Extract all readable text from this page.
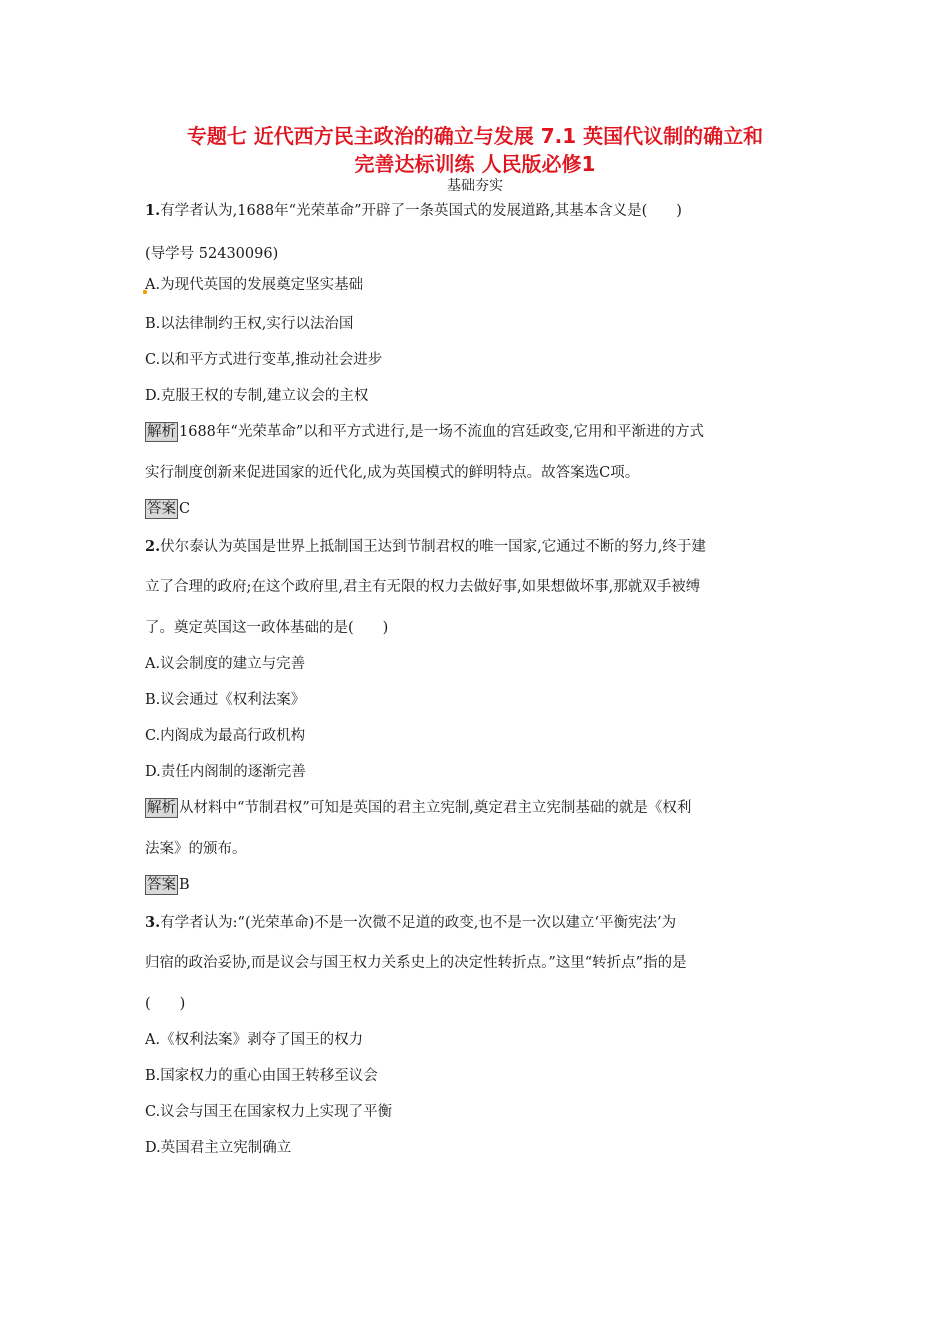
专题七 近代西方民主政治的确立与发展 7.1 英国代议制的确立和
完善达标训练 人民版必修1
基础夯实
1.有学者认为,1688年“光荣革命”开辟了一条英国式的发展道路,其基本含义是(　　)
(导学号 52430096)
A.为现代英国的发展奠定坚实基础
B.以法律制约王权,实行以法治国
C.以和平方式进行变革,推动社会进步
D.克服王权的专制,建立议会的主权
解析 1688年“光荣革命”以和平方式进行,是一场不流血的宫廷政变,它用和平渐进的方式
实行制度创新来促进国家的近代化,成为英国模式的鲜明特点。故答案选C项。
答案 C
2.伏尔泰认为英国是世界上抵制国王达到节制君权的唯一国家,它通过不断的努力,终于建
立了合理的政府;在这个政府里,君主有无限的权力去做好事,如果想做坏事,那就双手被缚
了。奠定英国这一政体基础的是(　　)
A.议会制度的建立与完善
B.议会通过《权利法案》
C.内阁成为最高行政机构
D.责任内阁制的逐渐完善
解析 从材料中“节制君权”可知是英国的君主立宪制,奠定君主立宪制基础的就是《权利
法案》的颁布。
答案 B
3.有学者认为:“(光荣革命)不是一次微不足道的政变,也不是一次以建立‘平衡宪法’为
归宿的政治妥协,而是议会与国王权力关系史上的决定性转折点。”这里“转折点”指的是
(　　)
A.《权利法案》剥夺了国王的权力
B.国家权力的重心由国王转移至议会
C.议会与国王在国家权力上实现了平衡
D.英国君主立宪制确立
